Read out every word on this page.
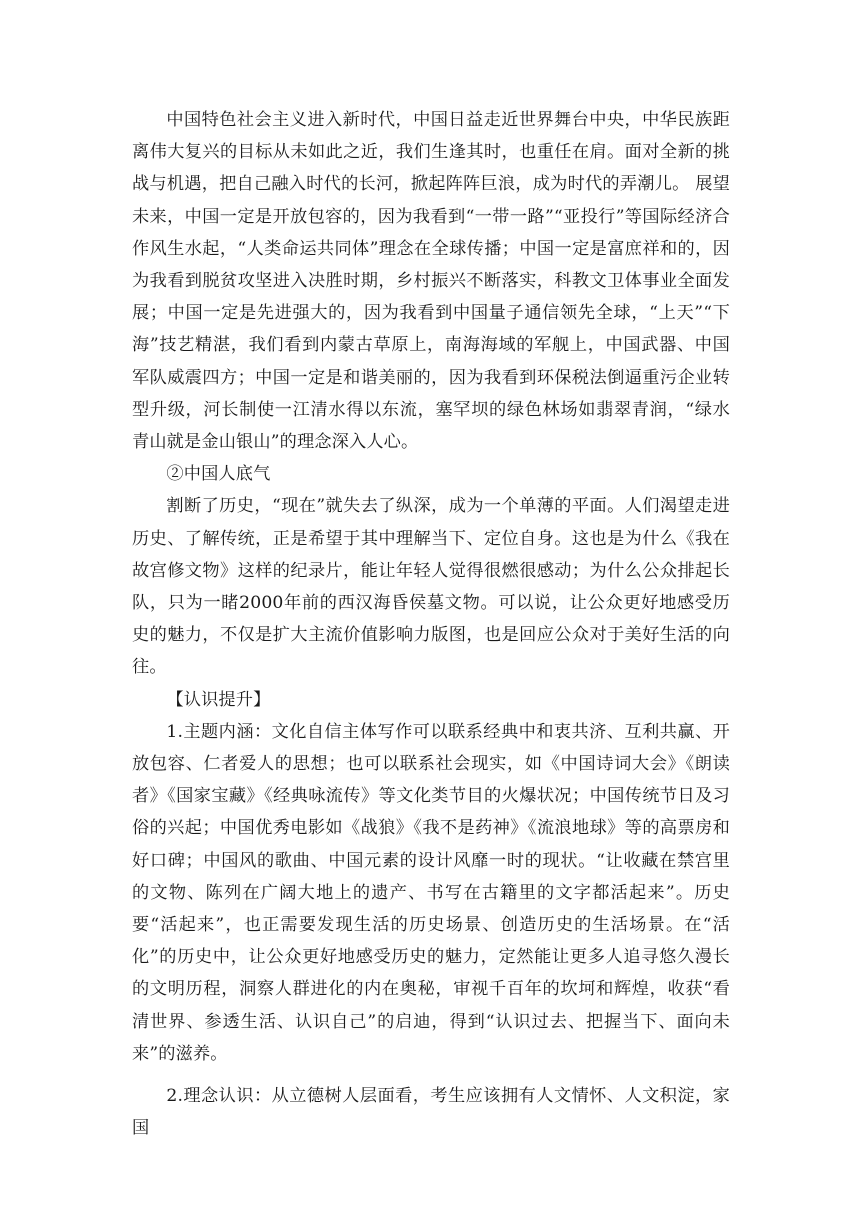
中国特色社会主义进入新时代，中国日益走近世界舞台中央，中华民族距离伟大复兴的目标从未如此之近，我们生逢其时，也重任在肩。面对全新的挑战与机遇，把自己融入时代的长河，掀起阵阵巨浪，成为时代的弄潮儿。 展望未来，中国一定是开放包容的，因为我看到“一带一路”“亚投行”等国际经济合作风生水起，“人类命运共同体”理念在全球传播；中国一定是富庶祥和的，因为我看到脱贫攻坚进入决胜时期，乡村振兴不断落实，科教文卫体事业全面发展；中国一定是先进强大的，因为我看到中国量子通信领先全球，“上天”“下海”技艺精湛，我们看到内蒙古草原上，南海海域的军舰上，中国武器、中国军队威震四方；中国一定是和谐美丽的，因为我看到环保税法倒逼重污企业转型升级，河长制使一江清水得以东流，塞罕坝的绿色林场如翡翠青润，“绿水青山就是金山银山”的理念深入人心。

②中国人底气

割断了历史，“现在”就失去了纵深，成为一个单薄的平面。人们渴望走进历史、了解传统，正是希望于其中理解当下、定位自身。这也是为什么《我在故宫修文物》这样的纪录片，能让年轻人觉得很燃很感动；为什么公众排起长队，只为一睹2000年前的西汉海昏侯墓文物。可以说，让公众更好地感受历史的魅力，不仅是扩大主流价值影响力版图，也是回应公众对于美好生活的向往。

【认识提升】

1.主题内涵：文化自信主体写作可以联系经典中和衷共济、互利共赢、开放包容、仁者爱人的思想；也可以联系社会现实，如《中国诗词大会》《朗读者》《国家宝藏》《经典咏流传》等文化类节目的火爆状况；中国传统节日及习俗的兴起；中国优秀电影如《战狼》《我不是药神》《流浪地球》等的高票房和好口碑；中国风的歌曲、中国元素的设计风靡一时的现状。“让收藏在禁宫里的文物、陈列在广阔大地上的遗产、书写在古籍里的文字都活起来”。历史要“活起来”，也正需要发现生活的历史场景、创造历史的生活场景。在“活化”的历史中，让公众更好地感受历史的魅力，定然能让更多人追寻悠久漫长的文明历程，洞察人群进化的内在奥秘，审视千百年的坎坷和辉煌，收获“看清世界、参透生活、认识自己”的启迪，得到“认识过去、把握当下、面向未来”的滋养。

2.理念认识：从立德树人层面看，考生应该拥有人文情怀、人文积淀，家国
